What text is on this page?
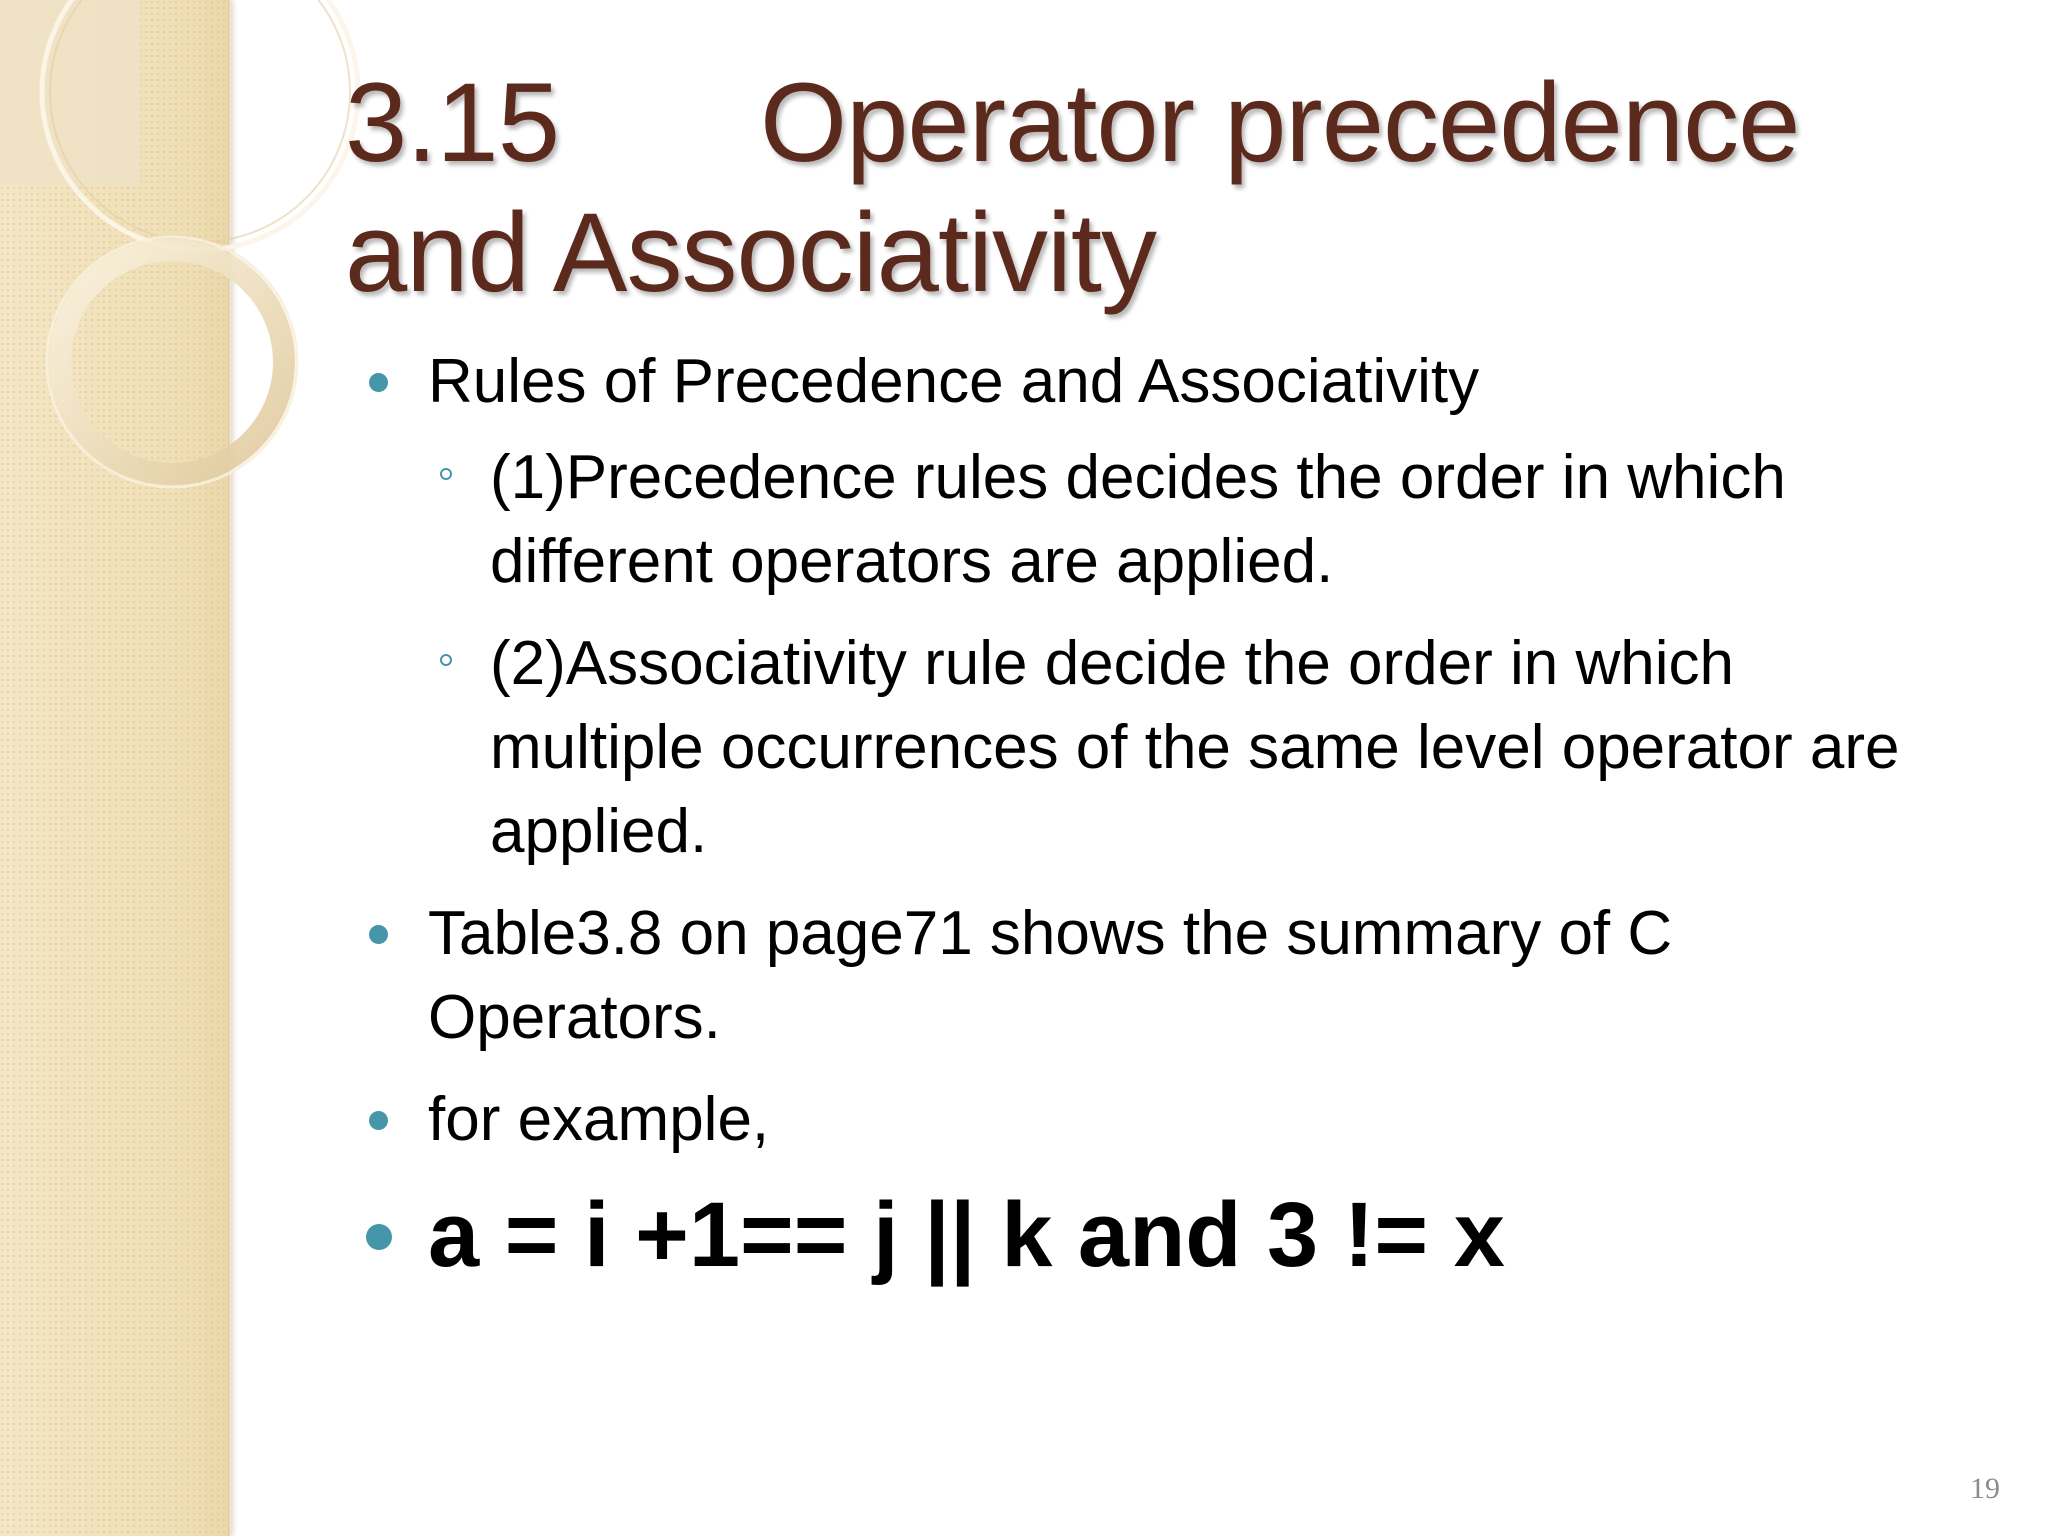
3.15 Operator precedence
and Associativity
Rules of Precedence and Associativity
(1)Precedence rules decides the order in which different operators are applied.
(2)Associativity rule decide the order in which multiple occurrences of the same level operator are applied.
Table3.8 on page71 shows the summary of C Operators.
for example,
a = i +1== j || k and 3 != x
19
